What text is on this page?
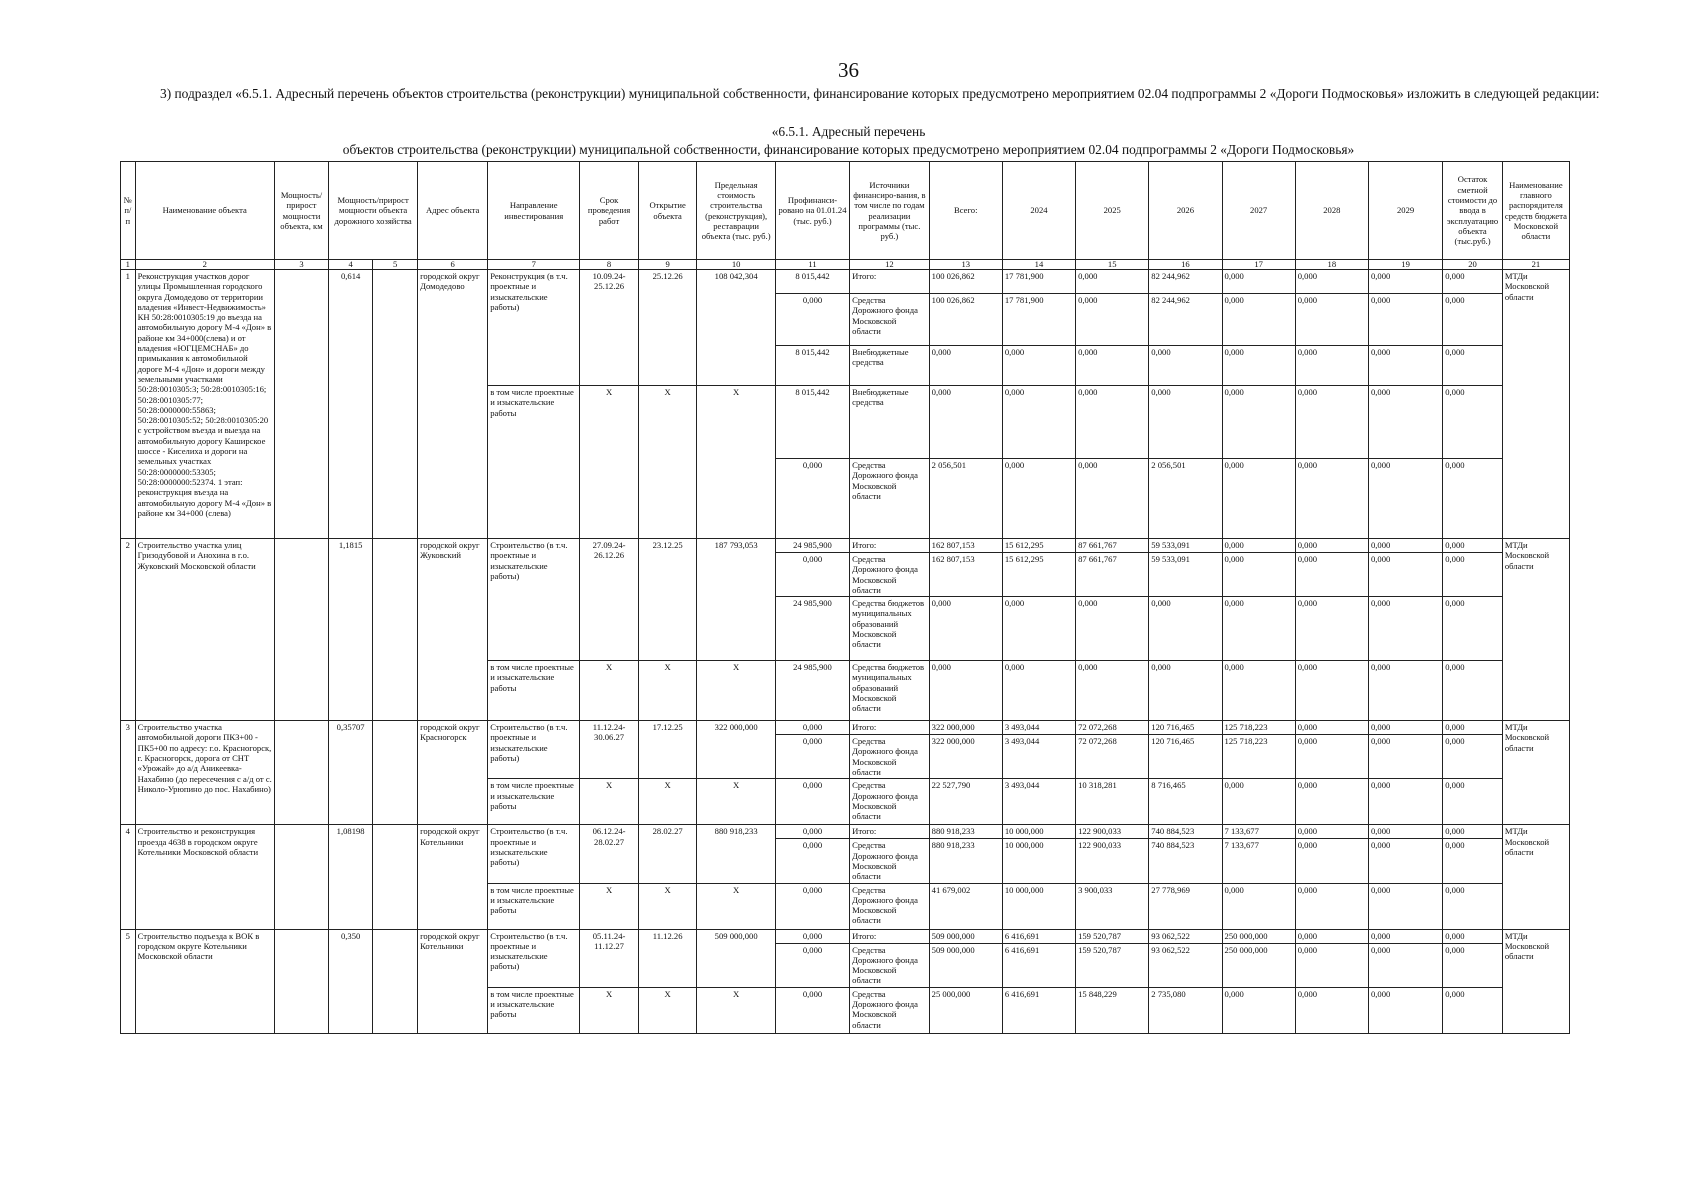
36
3) подраздел «6.5.1. Адресный перечень объектов строительства (реконструкции) муниципальной собственности, финансирование которых предусмотрено мероприятием 02.04 подпрограммы 2 «Дороги Подмосковья» изложить в следующей редакции:
«6.5.1. Адресный перечень
объектов строительства (реконструкции) муниципальной собственности, финансирование которых предусмотрено мероприятием 02.04 подпрограммы 2 «Дороги Подмосковья»
№ п/п	Наименование объекта	Мощность/ прирост мощности объекта, км	Мощность/прирост мощности объекта дорожного хозяйства		Адрес объекта	Направление инвестирования	Срок проведения работ	Открытие объекта	Предельная стоимость строительства (реконструкция), реставрации объекта (тыс. руб.)	Профинанси-ровано на 01.01.24 (тыс. руб.)	Источники финансиро-вания, в том числе по годам реализации программы (тыс. руб.)	Всего:	2024	2025	2026	2027	2028	2029	Остаток сметной стоимости до ввода в эксплуатацию объекта (тыс.руб.)	Наименование главного распорядителя средств бюджета Московской области
1	2	3	4	5	6	7	8	9	10	11	12	13	14	15	16	17	18	19	20	21
1	Реконструкция участков дорог улицы Промышленная городского округа Домодедово от территории владения «Инвест-Недвижимость» КН 50:28:0010305:19 до въезда на автомобильную дорогу М-4 «Дон» в районе км 34+000(слева) и от владения «ЮГЦЕМСНАБ» до примыкания к автомобильной дороге М-4 «Дон» и дороги между земельными участками 50:28:0010305:3; 50:28:0010305:16; 50:28:0010305:77; 50:28:0000000:55863; 50:28:0010305:52; 50:28:0010305:20 с устройством въезда и выезда на автомобильную дорогу Каширское шоссе - Киселиха и дороги на земельных участках 50:28:0000000:53305; 50:28:0000000:52374. 1 этап: реконструкция въезда на автомобильную дорогу М-4 «Дон» в районе км 34+000 (слева)		0,614		городской округ Домодедово	Реконструкция (в т.ч. проектные и изыскательские работы)	10.09.24-25.12.26	25.12.26	108 042,304	8 015,442	Итого:	100 026,862	17 781,900	0,000	82 244,962	0,000	0,000	0,000	0,000	МТДи Московской области
										0,000	Средства Дорожного фонда Московской области	100 026,862	17 781,900	0,000	82 244,962	0,000	0,000	0,000	0,000	
										8 015,442	Внебюджетные средства	0,000	0,000	0,000	0,000	0,000	0,000	0,000	0,000	
						в том числе проектные и изыскательские работы	X	X	X	8 015,442	Внебюджетные средства	0,000	0,000	0,000	0,000	0,000	0,000	0,000	0,000	
										0,000	Средства Дорожного фонда Московской области	2 056,501	0,000	0,000	2 056,501	0,000	0,000	0,000	0,000	
2	Строительство участка улиц Гризодубовой и Анохина в г.о. Жуковский Московской области		1,1815		городской округ Жуковский	Строительство (в т.ч. проектные и изыскательские работы)	27.09.24-26.12.26	23.12.25	187 793,053	24 985,900	Итого:	162 807,153	15 612,295	87 661,767	59 533,091	0,000	0,000	0,000	0,000	МТДи Московской области
										0,000	Средства Дорожного фонда Московской области	162 807,153	15 612,295	87 661,767	59 533,091	0,000	0,000	0,000	0,000	
										24 985,900	Средства бюджетов муниципальных образований Московской области	0,000	0,000	0,000	0,000	0,000	0,000	0,000	0,000	
						в том числе проектные и изыскательские работы	X	X	X	24 985,900	Средства бюджетов муниципальных образований Московской области	0,000	0,000	0,000	0,000	0,000	0,000	0,000	0,000	
3	Строительство участка автомобильной дороги ПКЗ+00 - ПК5+00 по адресу: г.о. Красногорск, г. Красногорск, дорога от СНТ «Урожай» до а/д Аникеевка-Нахабино (до пересечения с а/д от с. Николо-Урюпино до пос. Нахабино)		0,35707		городской округ Красногорск	Строительство (в т.ч. проектные и изыскательские работы)	11.12.24-30.06.27	17.12.25	322 000,000	0,000	Итого:	322 000,000	3 493,044	72 072,268	120 716,465	125 718,223	0,000	0,000	0,000	МТДи Московской области
										0,000	Средства Дорожного фонда Московской области	322 000,000	3 493,044	72 072,268	120 716,465	125 718,223	0,000	0,000	0,000	
						в том числе проектные и изыскательские работы	X	X	X	0,000	Средства Дорожного фонда Московской области	22 527,790	3 493,044	10 318,281	8 716,465	0,000	0,000	0,000	0,000	
4	Строительство и реконструкция проезда 4638 в городском округе Котельники Московской области		1,08198		городской округ Котельники	Строительство (в т.ч. проектные и изыскательские работы)	06.12.24-28.02.27	28.02.27	880 918,233	0,000	Итого:	880 918,233	10 000,000	122 900,033	740 884,523	7 133,677	0,000	0,000	0,000	МТДи Московской области
										0,000	Средства Дорожного фонда Московской области	880 918,233	10 000,000	122 900,033	740 884,523	7 133,677	0,000	0,000	0,000	
						в том числе проектные и изыскательские работы	X	X	X	0,000	Средства Дорожного фонда Московской области	41 679,002	10 000,000	3 900,033	27 778,969	0,000	0,000	0,000	0,000	
5	Строительство подъезда к ВОК в городском округе Котельники Московской области		0,350		городской округ Котельники	Строительство (в т.ч. проектные и изыскательские работы)	05.11.24-11.12.27	11.12.26	509 000,000	0,000	Итого:	509 000,000	6 416,691	159 520,787	93 062,522	250 000,000	0,000	0,000	0,000	МТДи Московской области
										0,000	Средства Дорожного фонда Московской области	509 000,000	6 416,691	159 520,787	93 062,522	250 000,000	0,000	0,000	0,000	
						в том числе проектные и изыскательские работы	X	X	X	0,000	Средства Дорожного фонда Московской области	25 000,000	6 416,691	15 848,229	2 735,080	0,000	0,000	0,000	0,000	
